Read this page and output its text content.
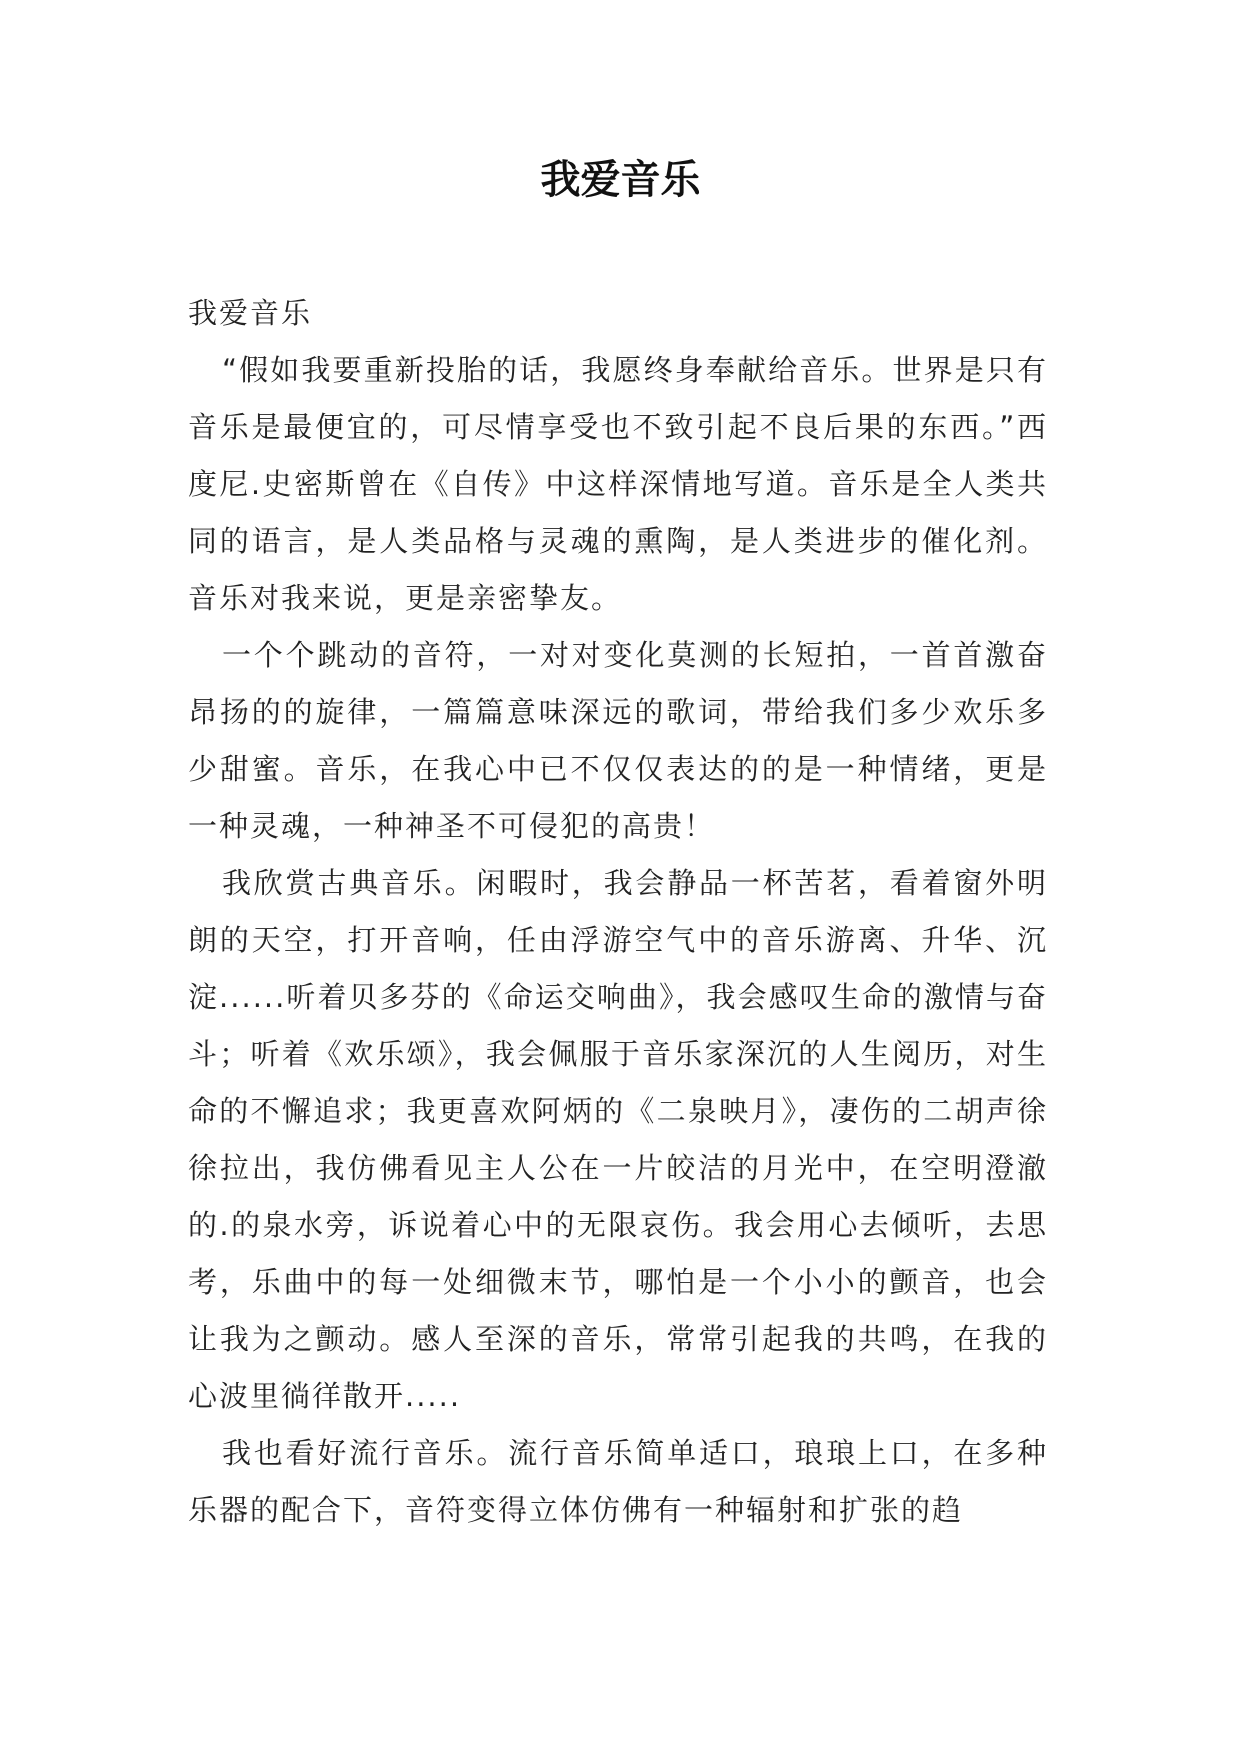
我爱音乐

我爱音乐

“假如我要重新投胎的话，我愿终身奉献给音乐。世界是只有音乐是最便宜的，可尽情享受也不致引起不良后果的东西。”西度尼.史密斯曾在《自传》中这样深情地写道。音乐是全人类共同的语言，是人类品格与灵魂的熏陶，是人类进步的催化剂。音乐对我来说，更是亲密挚友。

一个个跳动的音符，一对对变化莫测的长短拍，一首首激奋昂扬的的旋律，一篇篇意味深远的歌词，带给我们多少欢乐多少甜蜜。音乐，在我心中已不仅仅表达的的是一种情绪，更是一种灵魂，一种神圣不可侵犯的高贵！

我欣赏古典音乐。闲暇时，我会静品一杯苦茗，看着窗外明朗的天空，打开音响，任由浮游空气中的音乐游离、升华、沉淀......听着贝多芬的《命运交响曲》，我会感叹生命的激情与奋斗；听着《欢乐颂》，我会佩服于音乐家深沉的人生阅历，对生命的不懈追求；我更喜欢阿炳的《二泉映月》，凄伤的二胡声徐徐拉出，我仿佛看见主人公在一片皎洁的月光中，在空明澄澈的.的泉水旁，诉说着心中的无限哀伤。我会用心去倾听，去思考，乐曲中的每一处细微末节，哪怕是一个小小的颤音，也会让我为之颤动。感人至深的音乐，常常引起我的共鸣，在我的心波里徜徉散开.....

我也看好流行音乐。流行音乐简单适口，琅琅上口，在多种乐器的配合下，音符变得立体仿佛有一种辐射和扩张的趋
